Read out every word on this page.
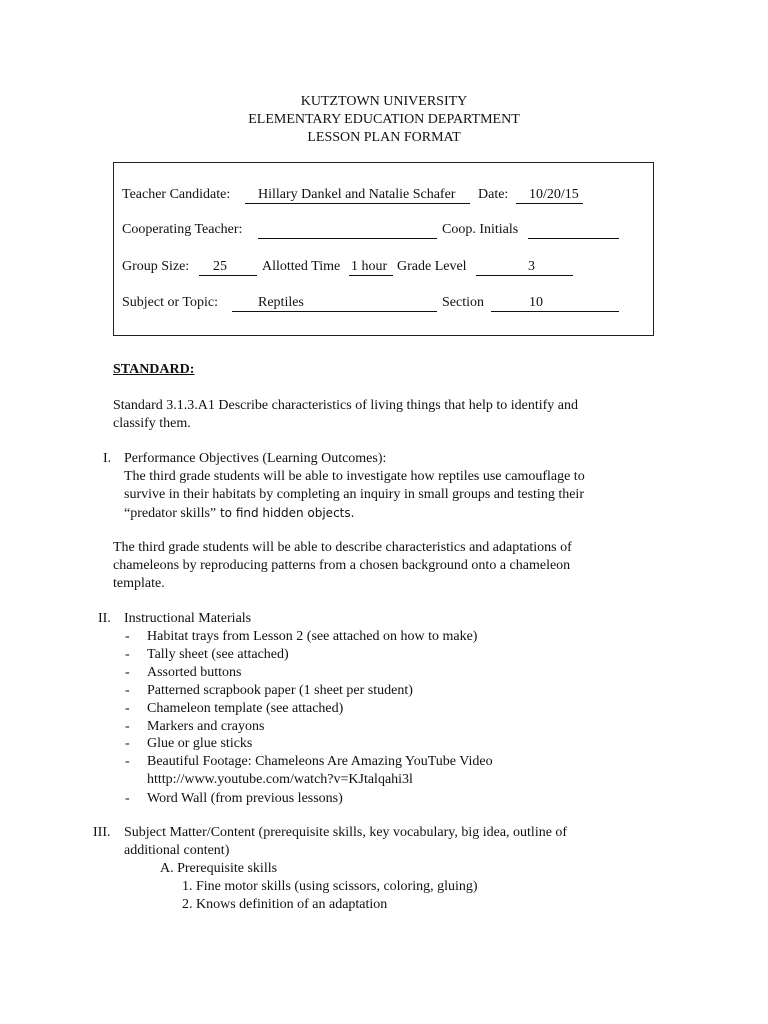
KUTZTOWN UNIVERSITY
ELEMENTARY EDUCATION DEPARTMENT
LESSON PLAN FORMAT
Teacher Candidate: Hillary Dankel and Natalie Schafer Date: 10/20/15
Cooperating Teacher:	Coop. Initials
Group Size: 25	Allotted Time 1 hour Grade Level	3
Subject or Topic:	Reptiles	Section	10
STANDARD:
Standard 3.1.3.A1 Describe characteristics of living things that help to identify and
classify them.
I. Performance Objectives (Learning Outcomes):
The third grade students will be able to investigate how reptiles use camouflage to
survive in their habitats by completing an inquiry in small groups and testing their
“predator skills” to find hidden objects.
The third grade students will be able to describe characteristics and adaptations of
chameleons by reproducing patterns from a chosen background onto a chameleon
template.
II. Instructional Materials
- Habitat trays from Lesson 2 (see attached on how to make)
- Tally sheet (see attached)
- Assorted buttons
- Patterned scrapbook paper (1 sheet per student)
- Chameleon template (see attached)
- Markers and crayons
- Glue or glue sticks
- Beautiful Footage: Chameleons Are Amazing YouTube Video
htttp://www.youtube.com/watch?v=KJtalqahi3l
- Word Wall (from previous lessons)
III. Subject Matter/Content (prerequisite skills, key vocabulary, big idea, outline of
additional content)
A. Prerequisite skills
1. Fine motor skills (using scissors, coloring, gluing)
2. Knows definition of an adaptation
